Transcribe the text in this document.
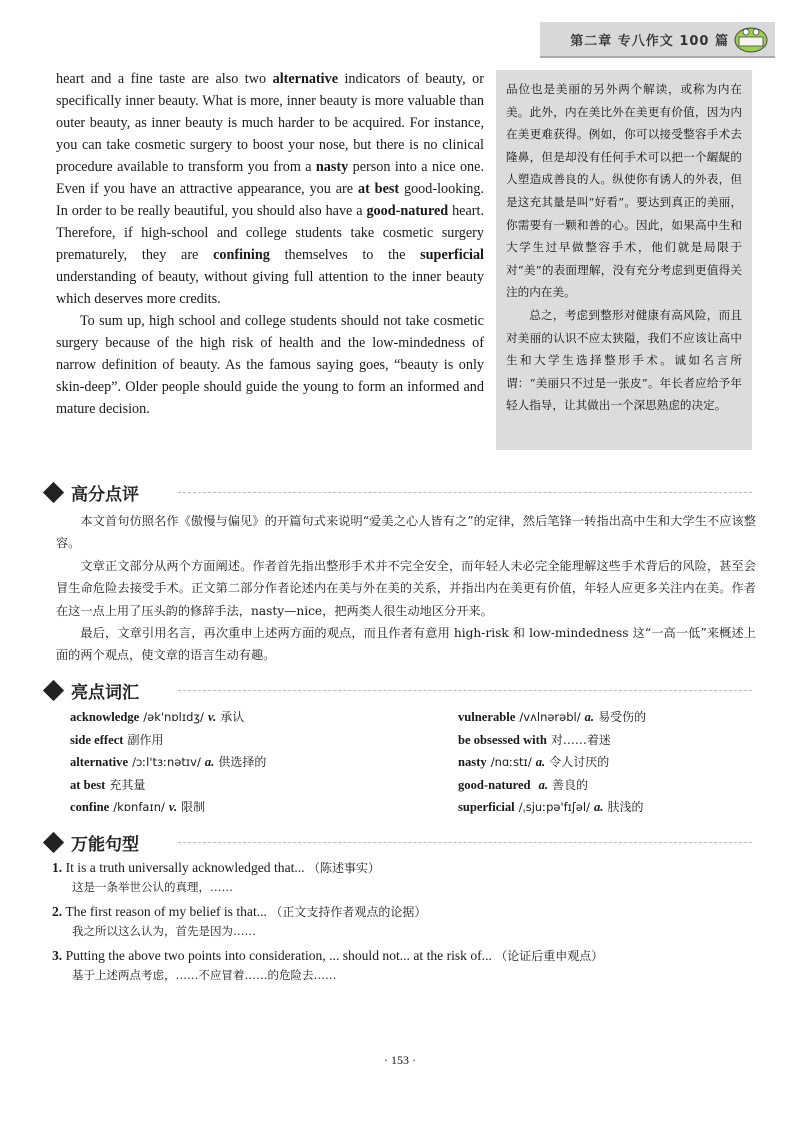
第二章 专八作文 100 篇

heart and a fine taste are also two alternative indicators of beauty, or specifically inner beauty. What is more, inner beauty is more valuable than outer beauty, as inner beauty is much harder to be acquired. For instance, you can take cosmetic surgery to boost your nose, but there is no clinical procedure available to transform you from a nasty person into a nice one. Even if you have an attractive appearance, you are at best good-looking. In order to be really beautiful, you should also have a good-natured heart. Therefore, if high-school and college students take cosmetic surgery prematurely, they are confining themselves to the superficial understanding of beauty, without giving full attention to the inner beauty which deserves more credits.

To sum up, high school and college students should not take cosmetic surgery because of the high risk of health and the low-mindedness of narrow definition of beauty. As the famous saying goes, “beauty is only skin-deep”. Older people should guide the young to form an informed and mature decision.

品位也是美丽的另外两个解读，或称为内在美。此外，内在美比外在美更有价值，因为内在美更难获得。例如，你可以接受整容手术去隆鼻，但是却没有任何手术可以把一个龌龊的人塑造成善良的人。纵使你有诱人的外表，但是这充其量是叫“好看”。要达到真正的美丽，你需要有一颗和善的心。因此，如果高中生和大学生过早做整容手术，他们就是局限于对“美”的表面理解，没有充分考虑到更值得关注的内在美。

总之，考虑到整形对健康有高风险，而且对美丽的认识不应太狭隘，我们不应该让高中生和大学生选择整形手术。诚如名言所谓：“美丽只不过是一张皮”。年长者应给予年轻人指导，让其做出一个深思熟虑的决定。

高分点评

本文首句仿照名作《傲慢与偏见》的开篇句式来说明“爱美之心人皆有之”的定律，然后笔锋一转指出高中生和大学生不应该整容。

文章正文部分从两个方面阐述。作者首先指出整形手术并不完全安全，而年轻人未必完全能理解这些手术背后的风险，甚至会冒生命危险去接受手术。正文第二部分作者论述内在美与外在美的关系，并指出内在美更有价值，年轻人应更多关注内在美。作者在这一点上用了压头韵的修辞手法，nasty—nice，把两类人很生动地区分开来。

最后，文章引用名言，再次重申上述两方面的观点，而且作者有意用 high-risk 和 low-mindedness 这“一高一低”来概述上面的两个观点，使文章的语言生动有趣。

亮点词汇
acknowledge /ək'nɒlɪdʒ/ v. 承认	vulnerable /vʌlnərəbl/ a. 易受伤的
side effect 副作用	be obsessed with 对……着迷
alternative /ɔːl'tɜːnətɪv/ a. 供选择的	nasty /nɑːstɪ/ a. 令人讨厌的
at best 充其量	good-natured a. 善良的
confine /kɒnfaɪn/ v. 限制	superficial /ˌsjuːpə'fɪʃəl/ a. 肤浅的
万能句型
1. It is a truth universally acknowledged that... （陈述事实）
这是一条举世公认的真理，……
2. The first reason of my belief is that... （正文支持作者观点的论据）
我之所以这么认为，首先是因为……
3. Putting the above two points into consideration, ... should not... at the risk of... （论证后重申观点）
基于上述两点考虑，……不应冒着……的危险去……
· 153 ·
